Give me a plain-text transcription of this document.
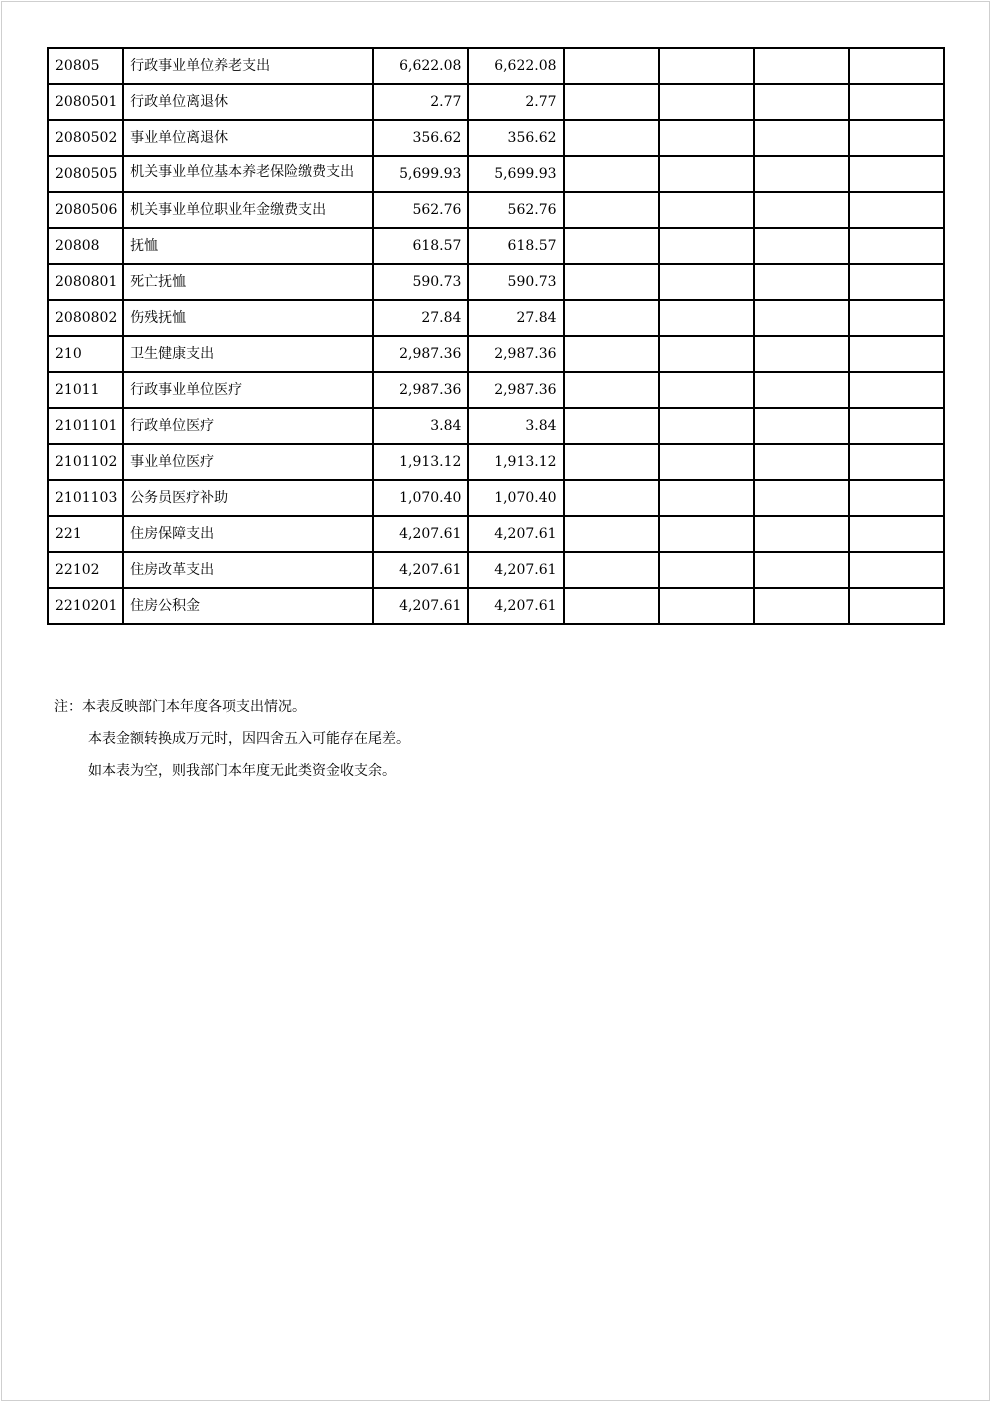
20805	行政事业单位养老支出	6,622.08	6,622.08				
2080501	行政单位离退休	2.77	2.77				
2080502	事业单位离退休	356.62	356.62				
2080505	机关事业单位基本养老保险缴费支出	5,699.93	5,699.93				
2080506	机关事业单位职业年金缴费支出	562.76	562.76				
20808	抚恤	618.57	618.57				
2080801	死亡抚恤	590.73	590.73				
2080802	伤残抚恤	27.84	27.84				
210	卫生健康支出	2,987.36	2,987.36				
21011	行政事业单位医疗	2,987.36	2,987.36				
2101101	行政单位医疗	3.84	3.84				
2101102	事业单位医疗	1,913.12	1,913.12				
2101103	公务员医疗补助	1,070.40	1,070.40				
221	住房保障支出	4,207.61	4,207.61				
22102	住房改革支出	4,207.61	4,207.61				
2210201	住房公积金	4,207.61	4,207.61				
注：本表反映部门本年度各项支出情况。
本表金额转换成万元时，因四舍五入可能存在尾差。
如本表为空，则我部门本年度无此类资金收支余。
